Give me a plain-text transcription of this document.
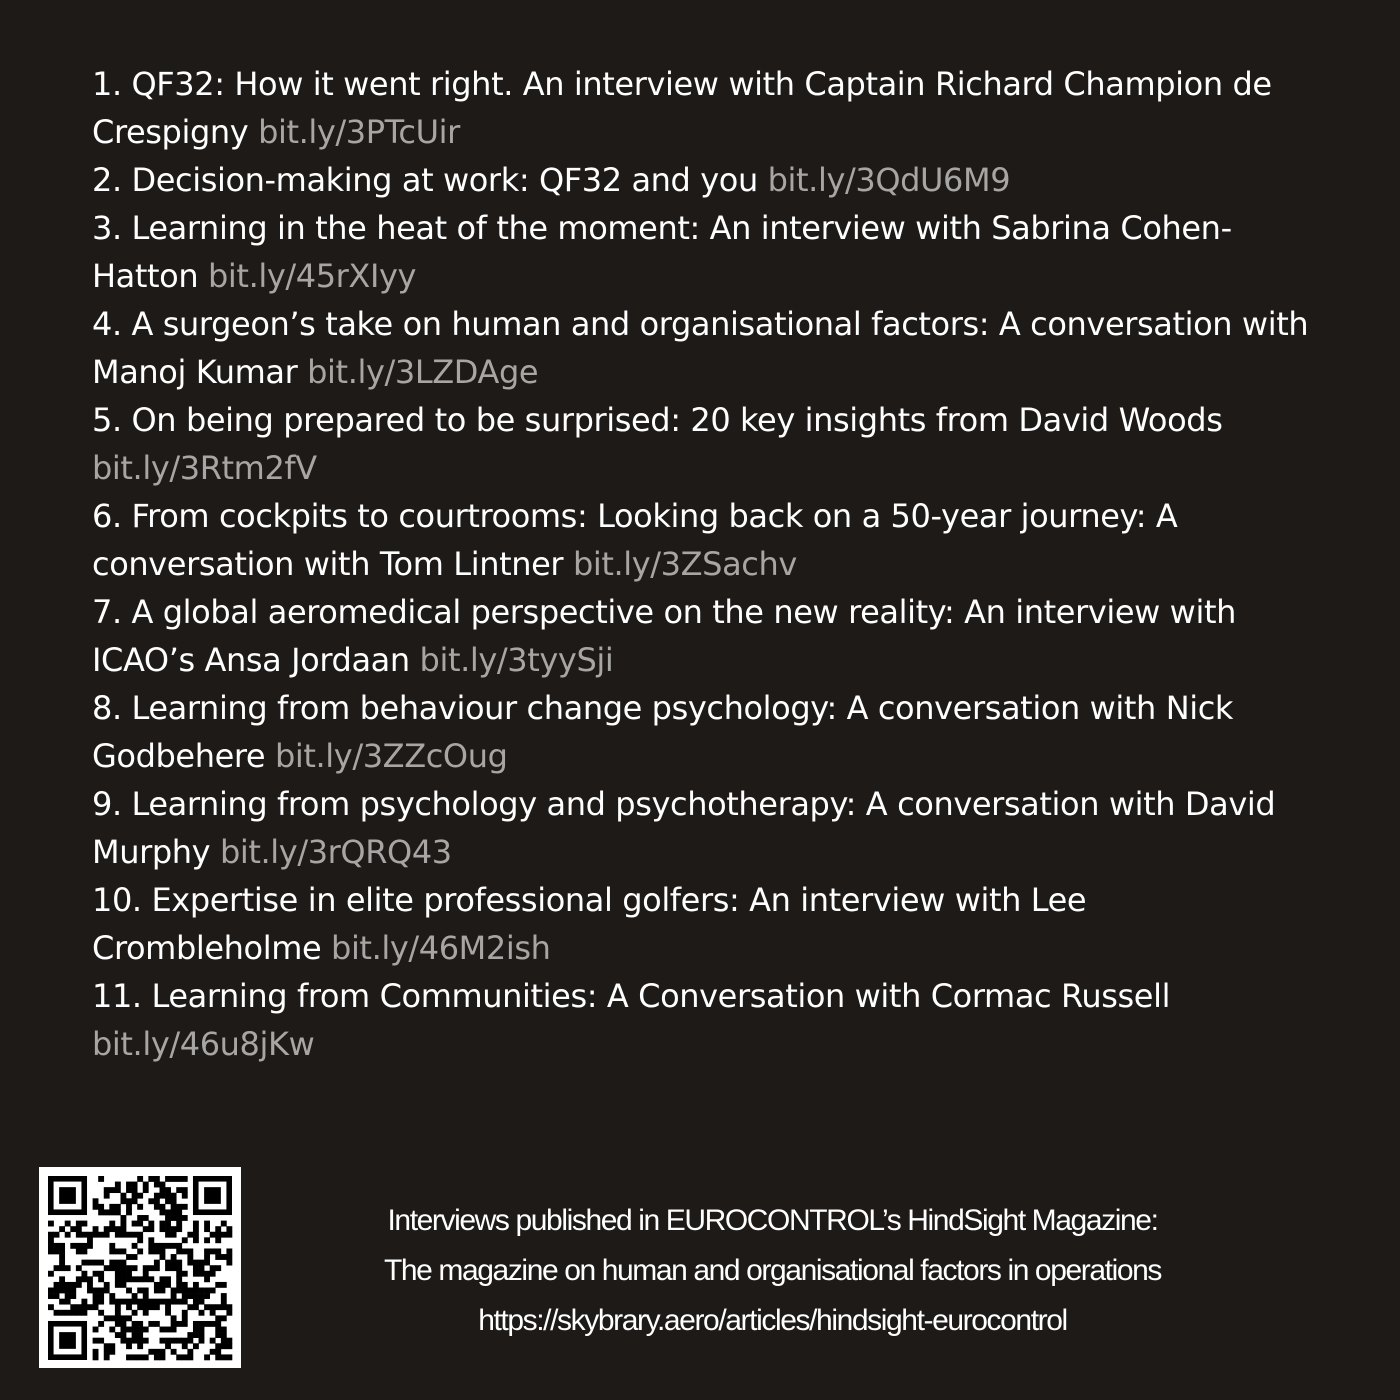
1. QF32: How it went right. An interview with Captain Richard Champion de Crespigny bit.ly/3PTcUir
2. Decision-making at work: QF32 and you bit.ly/3QdU6M9
3. Learning in the heat of the moment: An interview with Sabrina Cohen-Hatton bit.ly/45rXIyy
4. A surgeon’s take on human and organisational factors: A conversation with Manoj Kumar bit.ly/3LZDAge
5. On being prepared to be surprised: 20 key insights from David Woods bit.ly/3Rtm2fV
6. From cockpits to courtrooms: Looking back on a 50-year journey: A conversation with Tom Lintner bit.ly/3ZSachv
7. A global aeromedical perspective on the new reality: An interview with ICAO’s Ansa Jordaan bit.ly/3tyySji
8. Learning from behaviour change psychology: A conversation with Nick Godbehere bit.ly/3ZZcOug
9. Learning from psychology and psychotherapy: A conversation with David Murphy bit.ly/3rQRQ43
10. Expertise in elite professional golfers: An interview with Lee Crombleholme bit.ly/46M2ish
11. Learning from Communities: A Conversation with Cormac Russell bit.ly/46u8jKw
Interviews published in EUROCONTROL’s HindSight Magazine:
The magazine on human and organisational factors in operations
https://skybrary.aero/articles/hindsight-eurocontrol
